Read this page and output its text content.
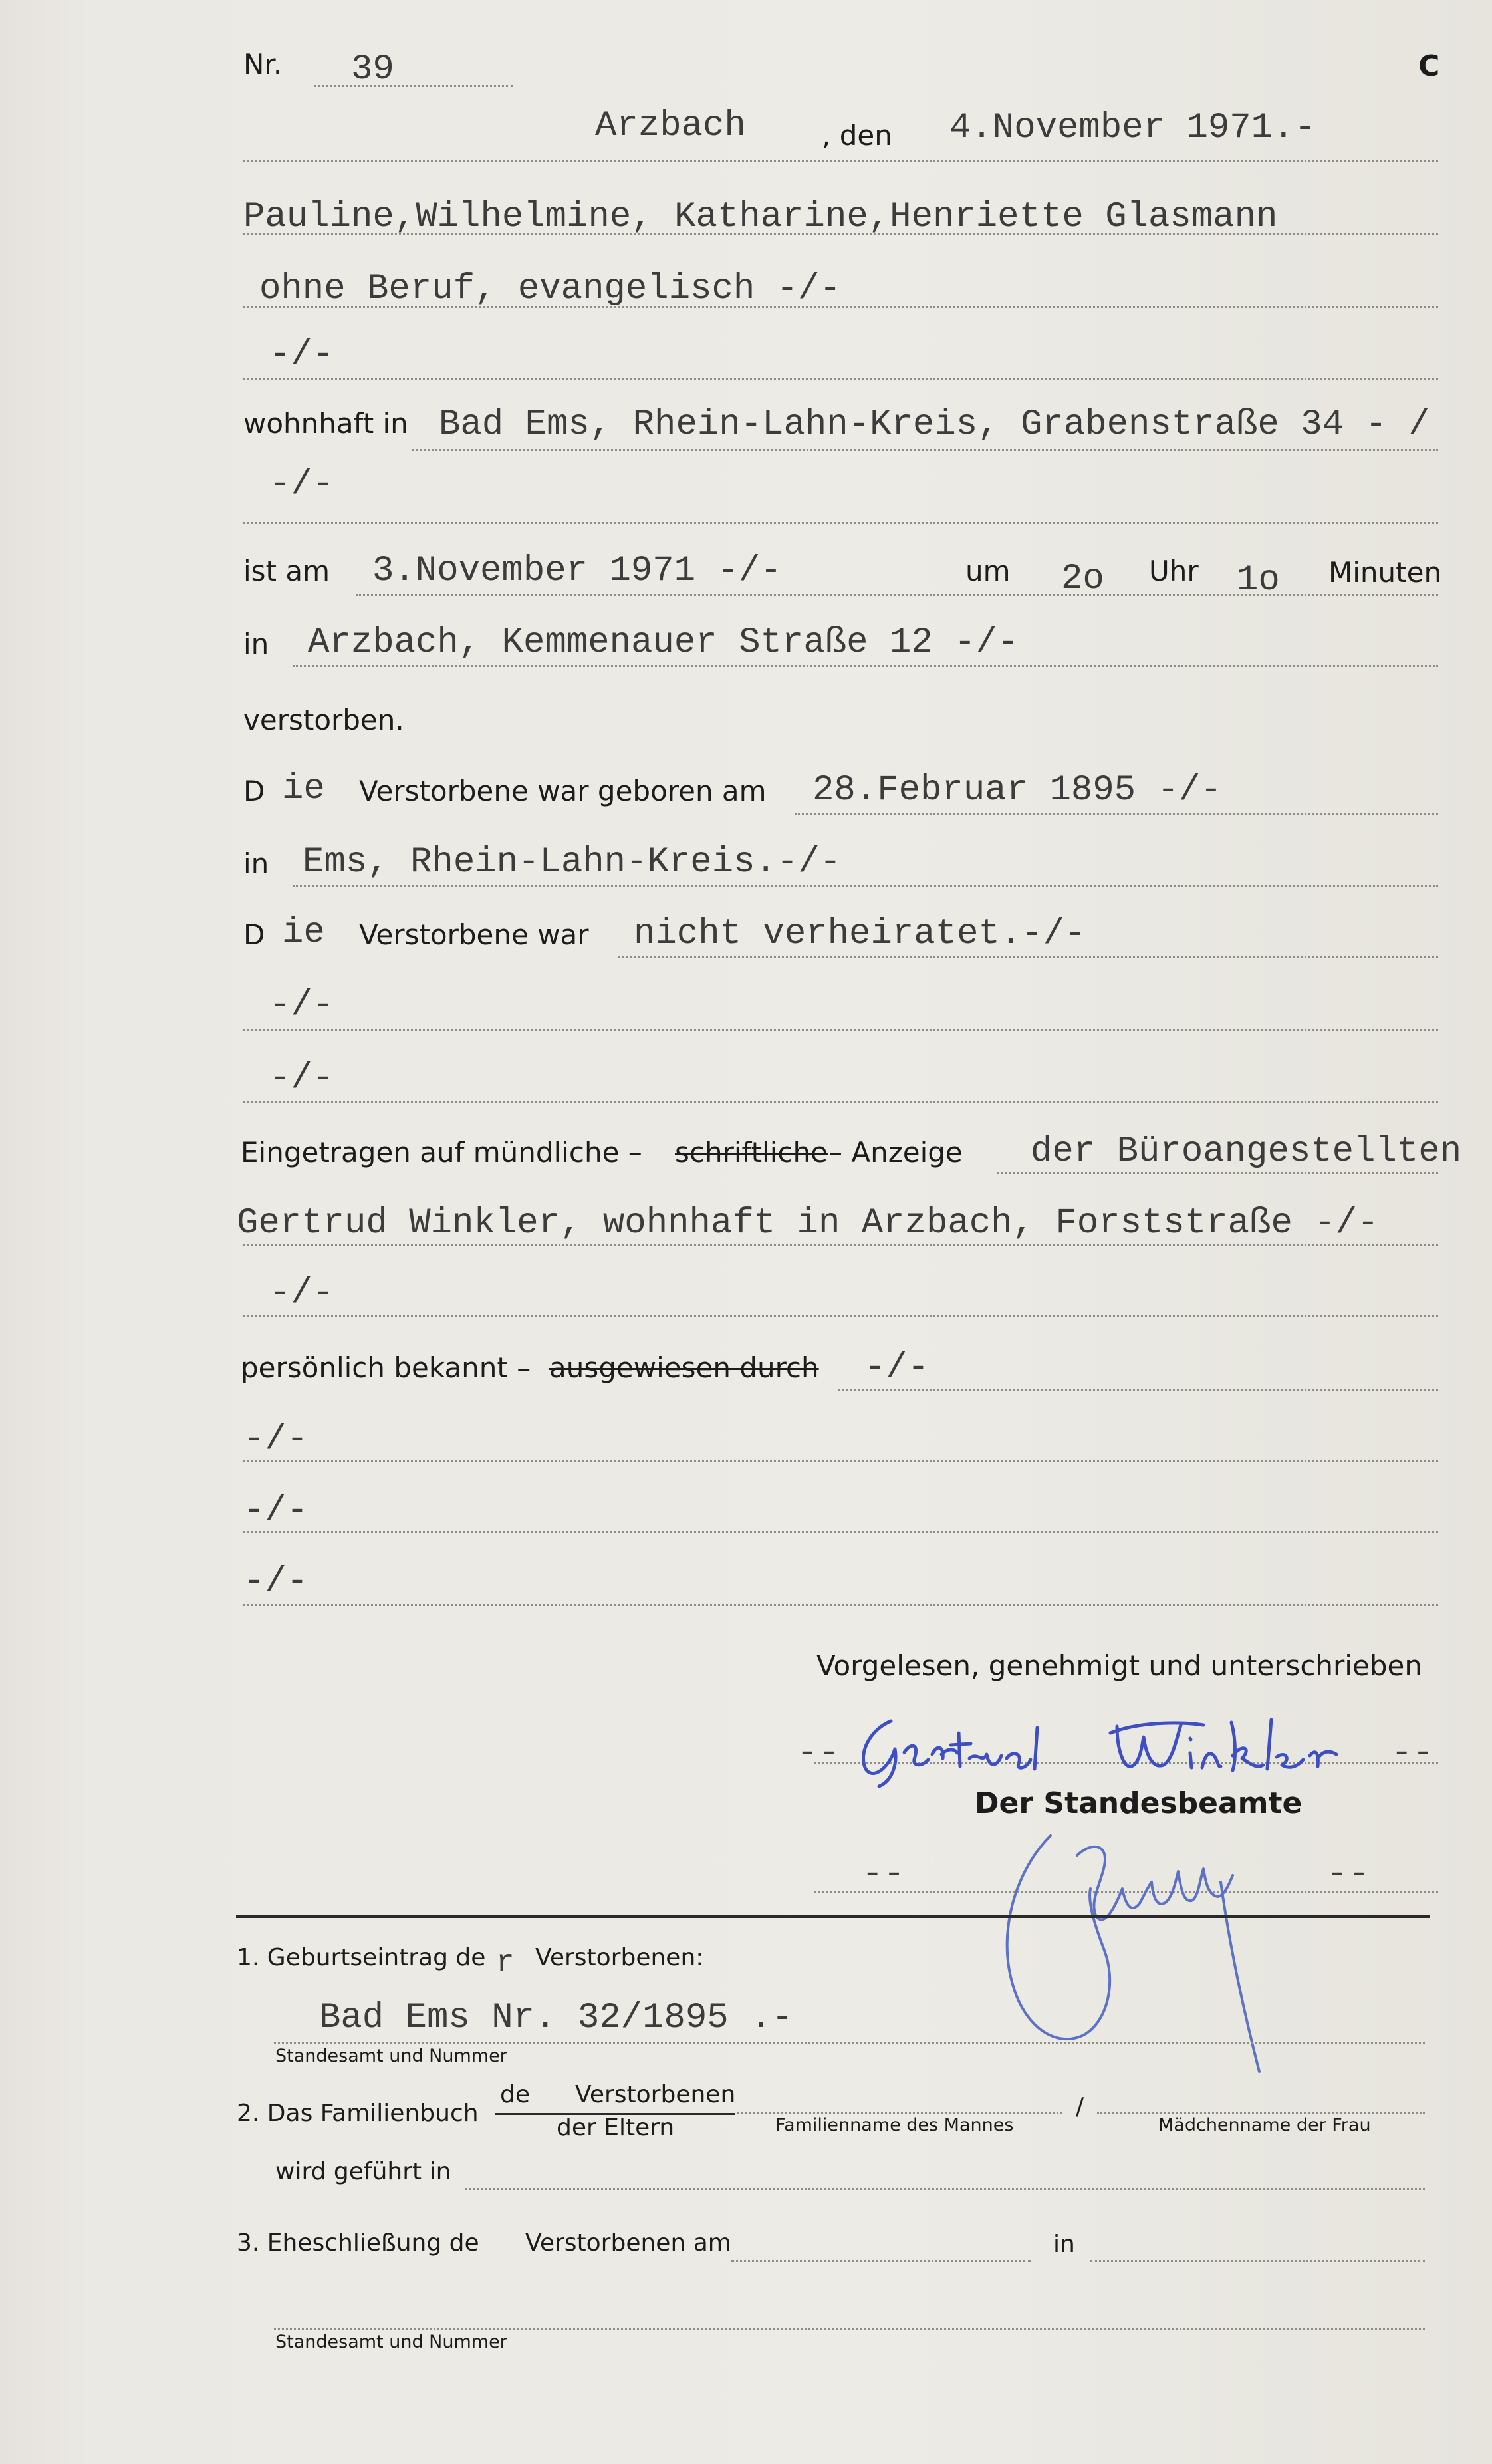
Nr. 39	C
Arzbach	, den 4.November 1971.-
Pauline,Wilhelmine, Katharine,Henriette Glasmann
ohne Beruf, evangelisch -/-
-/-
wohnhaft in Bad Ems, Rhein-Lahn-Kreis, Grabenstraße 34 - /
-/-
ist am 3.November 1971 -/-	um 2o Uhr 1o Minuten
in Arzbach, Kemmenauer Straße 12 -/-
verstorben.
D ie Verstorbene war geboren am 28.Februar 1895 -/-
in Ems, Rhein-Lahn-Kreis.-/-
D ie Verstorbene war nicht verheiratet.-/-
-/-
-/-
Eingetragen auf mündliche – schriftliche – Anzeige der Büroangestellten
Gertrud Winkler, wohnhaft in Arzbach, Forststraße -/-
-/-
persönlich bekannt – ausgewiesen durch -/-
-/-
-/-
-/-
Vorgelesen, genehmigt und unterschrieben
--	--
Der Standesbeamte
--	--
1. Geburtseintrag de r Verstorbenen:
Bad Ems Nr. 32/1895 .-
Standesamt und Nummer
2. Das Familienbuch
de Verstorbenen
der Eltern	Familienname des Mannes
/
Mädchenname der Frau
wird geführt in
3. Eheschließung de Verstorbenen am	in
Standesamt und Nummer
